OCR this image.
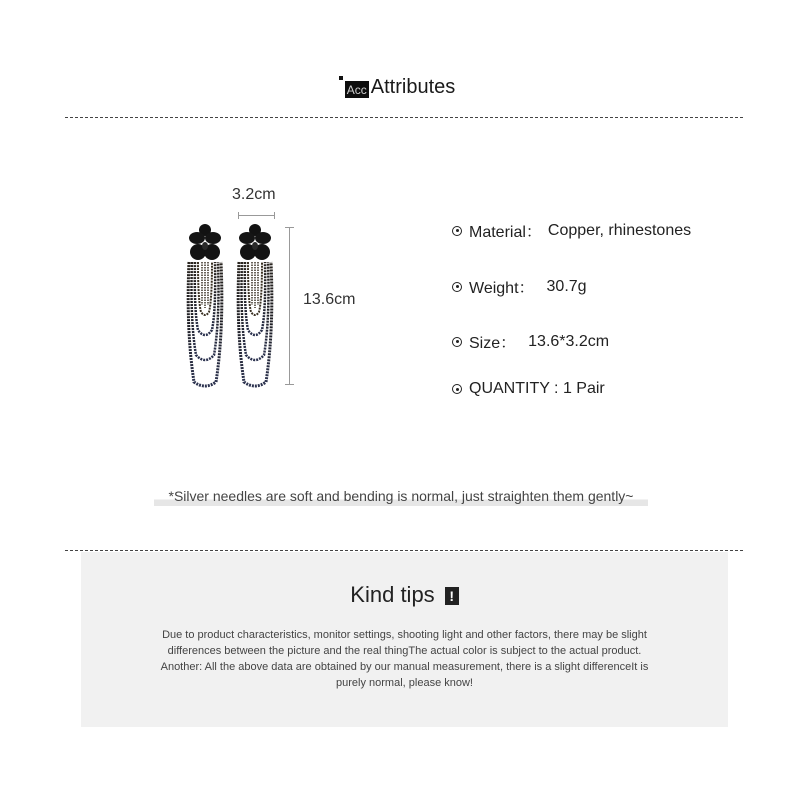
Acc Attributes
3.2cm
13.6cm
Material： Copper, rhinestones
Weight： 30.7g
Size： 13.6*3.2cm
QUANTITY : 1 Pair
*Silver needles are soft and bending is normal, just straighten them gently~
Kind tips !
Due to product characteristics, monitor settings, shooting light and other factors, there may be slight
differences between the picture and the real thingThe actual color is subject to the actual product.
Another: All the above data are obtained by our manual measurement, there is a slight differenceIt is
purely normal, please know!
